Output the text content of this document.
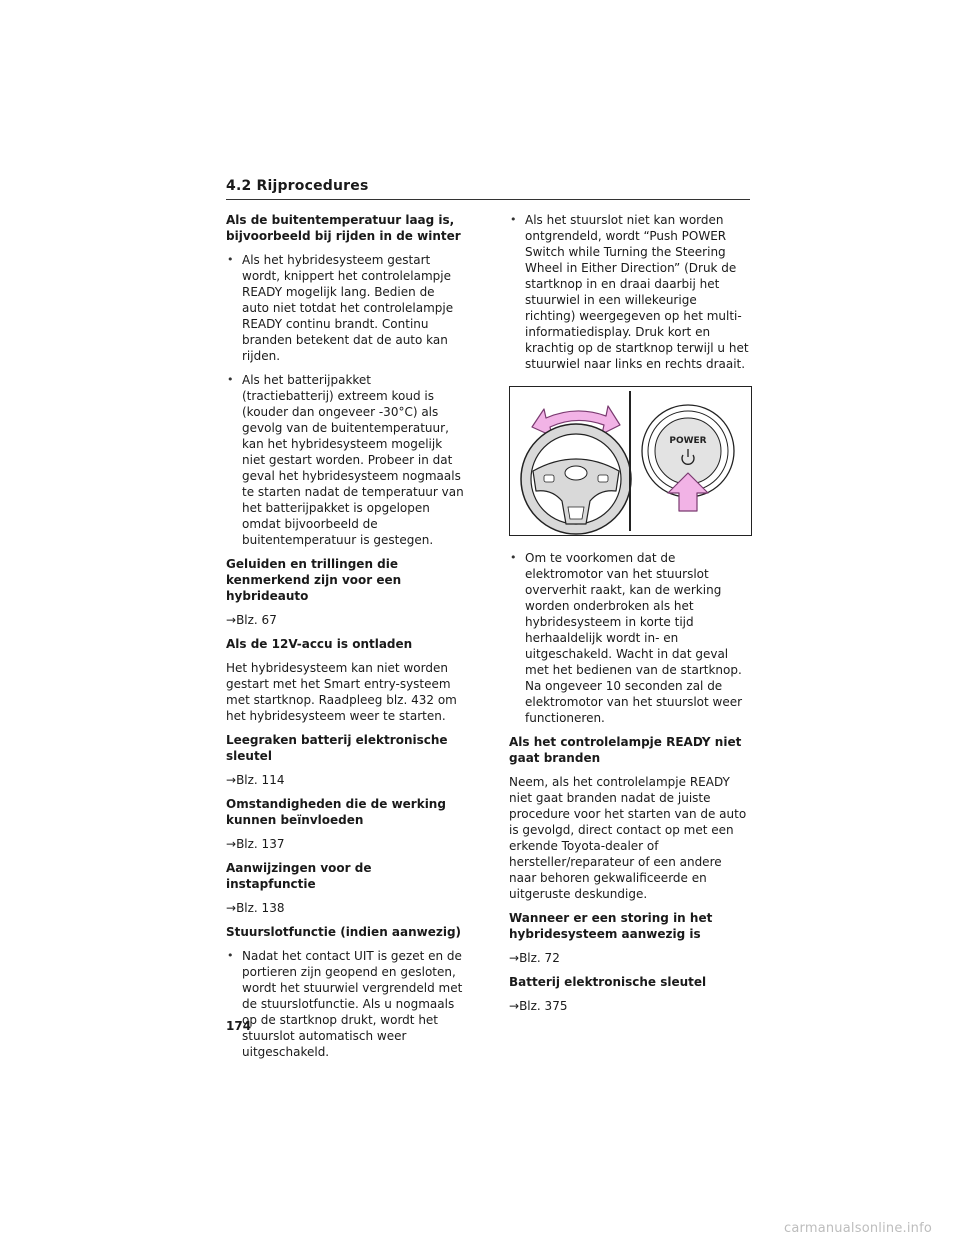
4.2 Rijprocedures
Als de buitentemperatuur laag is, bijvoorbeeld bij rijden in de winter
• Als het hybridesysteem gestart wordt, knippert het controlelampje READY mogelijk lang. Bedien de auto niet totdat het controlelampje READY continu brandt. Continu branden betekent dat de auto kan rijden.
• Als het batterijpakket (tractiebatterij) extreem koud is (kouder dan ongeveer -30°C) als gevolg van de buitentemperatuur, kan het hybridesysteem mogelijk niet gestart worden. Probeer in dat geval het hybridesysteem nogmaals te starten nadat de temperatuur van het batterijpakket is opgelopen omdat bijvoorbeeld de buitentemperatuur is gestegen.
Geluiden en trillingen die kenmerkend zijn voor een hybrideauto
→Blz. 67
Als de 12V-accu is ontladen
Het hybridesysteem kan niet worden gestart met het Smart entry-systeem met startknop. Raadpleeg blz. 432 om het hybridesysteem weer te starten.
Leegraken batterij elektronische sleutel
→Blz. 114
Omstandigheden die de werking kunnen beïnvloeden
→Blz. 137
Aanwijzingen voor de instapfunctie
→Blz. 138
Stuurslotfunctie (indien aanwezig)
• Nadat het contact UIT is gezet en de portieren zijn geopend en gesloten, wordt het stuurwiel vergrendeld met de stuurslotfunctie. Als u nogmaals op de startknop drukt, wordt het stuurslot automatisch weer uitgeschakeld.
• Als het stuurslot niet kan worden ontgrendeld, wordt “Push POWER Switch while Turning the Steering Wheel in Either Direction” (Druk de startknop in en draai daarbij het stuurwiel in een willekeurige richting) weergegeven op het multi-informatiedisplay. Druk kort en krachtig op de startknop terwijl u het stuurwiel naar links en rechts draait.
POWER
• Om te voorkomen dat de elektromotor van het stuurslot oververhit raakt, kan de werking worden onderbroken als het hybridesysteem in korte tijd herhaaldelijk wordt in- en uitgeschakeld. Wacht in dat geval met het bedienen van de startknop. Na ongeveer 10 seconden zal de elektromotor van het stuurslot weer functioneren.
Als het controlelampje READY niet gaat branden
Neem, als het controlelampje READY niet gaat branden nadat de juiste procedure voor het starten van de auto is gevolgd, direct contact op met een erkende Toyota-dealer of hersteller/reparateur of een andere naar behoren gekwalificeerde en uitgeruste deskundige.
Wanneer er een storing in het hybridesysteem aanwezig is
→Blz. 72
Batterij elektronische sleutel
→Blz. 375
174
carmanualsonline.info
